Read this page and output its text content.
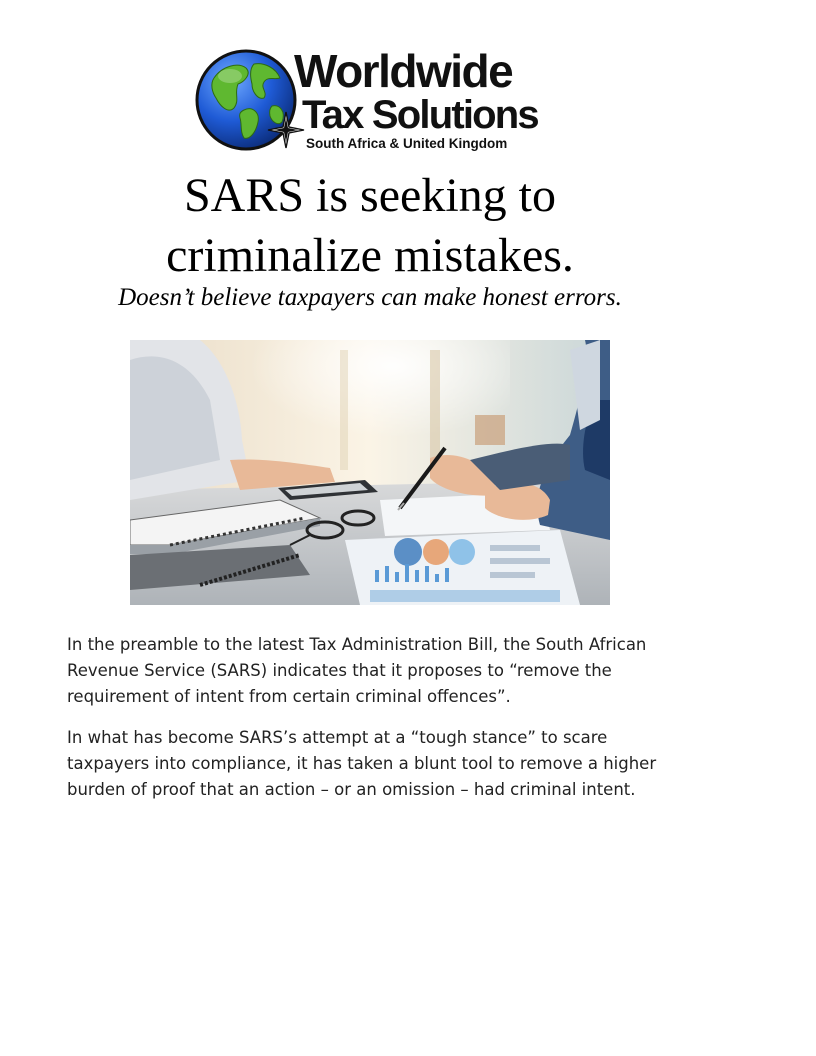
Worldwide
Tax Solutions
South Africa & United Kingdom
SARS is seeking to
criminalize mistakes.
Doesn’t believe taxpayers can make honest errors.

In the preamble to the latest Tax Administration Bill, the South African Revenue Service (SARS) indicates that it proposes to “remove the requirement of intent from certain criminal offences”.

In what has become SARS’s attempt at a “tough stance” to scare taxpayers into compliance, it has taken a blunt tool to remove a higher burden of proof that an action – or an omission – had criminal intent.
